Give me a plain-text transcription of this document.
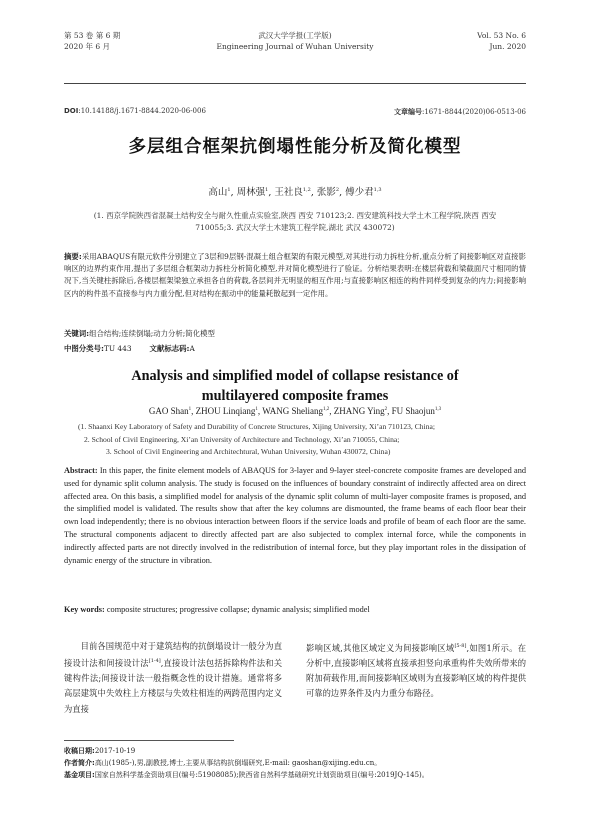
第 53 卷 第 6 期
2020 年 6 月
武汉大学学报(工学版)
Engineering Journal of Wuhan University
Vol. 53 No. 6
Jun. 2020
DOI:10.14188/j.1671-8844.2020-06-006	文章编号:1671-8844(2020)06-0513-06
多层组合框架抗倒塌性能分析及简化模型
高山$^1$, 周林强$^1$, 王社良$^{1,2}$, 张影$^2$, 傅少君$^{1,3}$
(1. 西京学院陕西省混凝土结构安全与耐久性重点实验室,陕西 西安 710123;2. 西安建筑科技大学土木工程学院,陕西 西安
710055;3. 武汉大学土木建筑工程学院,湖北 武汉 430072)
摘要:采用ABAQUS有限元软件分别建立了3层和9层钢-混凝土组合框架的有限元模型,对其进行动力拆柱分析,重点分析了间接影响区对直接影响区的边界约束作用,提出了多层组合框架动力拆柱分析简化模型,并对简化模型进行了验证。分析结果表明:在楼层荷载和梁截面尺寸相同的情况下,当关键柱拆除后,各楼层框架梁独立承担各自的荷载,各层间并无明显的相互作用;与直接影响区相连的构件同样受到复杂的内力;间接影响区内的构件虽不直接参与内力重分配,但对结构在振动中的能量耗散起到一定作用。
关键词:组合结构;连续倒塌;动力分析;简化模型
中图分类号:TU 443 文献标志码:A
Analysis and simplified model of collapse resistance of
multilayered composite frames
GAO Shan$^1$, ZHOU Linqiang$^1$, WANG Sheliang$^{1,2}$, ZHANG Ying$^2$, FU Shaojun$^{1,3}$
(1. Shaanxi Key Laboratory of Safety and Durability of Concrete Structures, Xijing University, Xi’an 710123, China;
2. School of Civil Engineering, Xi’an University of Architecture and Technology, Xi’an 710055, China;
3. School of Civil Engineering and Architechtural, Wuhan University, Wuhan 430072, China)
Abstract: In this paper, the finite element models of ABAQUS for 3-layer and 9-layer steel-concrete composite frames are developed and used for dynamic split column analysis. The study is focused on the influences of boundary constraint of indirectly affected area on direct affected area. On this basis, a simplified model for analysis of the dynamic split column of multi-layer composite frames is proposed, and the simplified model is validated. The results show that after the key columns are dismounted, the frame beams of each floor bear their own load independently; there is no obvious interaction between floors if the service loads and profile of beam of each floor are the same. The structural components adjacent to directly affected part are also subjected to complex internal force, while the components in indirectly affected parts are not directly involved in the redistribution of internal force, but they play important roles in the dissipation of dynamic energy of the structure in vibration.
Key words: composite structures; progressive collapse; dynamic analysis; simplified model
目前各国规范中对于建筑结构的抗倒塌设计一般分为直接设计法和间接设计法[1-4],直接设计法包括拆除构件法和关键构件法;间接设计法一般指概念性的设计措施。通常将多高层建筑中失效柱上方楼层与失效柱相连的两跨范围内定义为直接
影响区域,其他区域定义为间接影响区域[5-8],如图1所示。在分析中,直接影响区域将直接承担竖向承重构件失效所带来的附加荷载作用,而间接影响区域则为直接影响区域的构件提供可靠的边界条件及内力重分布路径。
收稿日期:2017-10-19
作者简介:高山(1985-),男,副教授,博士,主要从事结构抗倒塌研究,E-mail: gaoshan@xijing.edu.cn。
基金项目:国家自然科学基金资助项目(编号:51908085);陕西省自然科学基础研究计划资助项目(编号:2019JQ-145)。
